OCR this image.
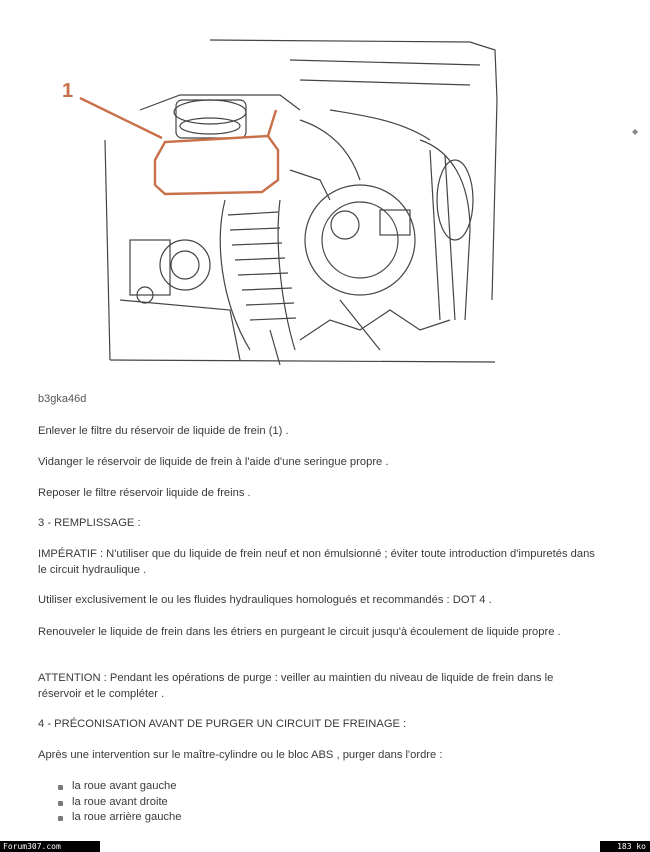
1
◆
b3gka46d
Enlever le filtre du réservoir de liquide de frein (1) .
Vidanger le réservoir de liquide de frein à l'aide d'une seringue propre .
Reposer le filtre réservoir liquide de freins .
3 - REMPLISSAGE :
IMPÉRATIF : N'utiliser que du liquide de frein neuf et non émulsionné ; éviter toute introduction d'impuretés dans le circuit hydraulique .
Utiliser exclusivement le ou les fluides hydrauliques homologués et recommandés : DOT 4 .
Renouveler le liquide de frein dans les étriers en purgeant le circuit jusqu'à écoulement de liquide propre .
ATTENTION : Pendant les opérations de purge : veiller au maintien du niveau de liquide de frein dans le réservoir et le compléter .
4 - PRÉCONISATION AVANT DE PURGER UN CIRCUIT DE FREINAGE :
Après une intervention sur le maître-cylindre ou le bloc ABS , purger dans l'ordre :
la roue avant gauche
la roue avant droite
la roue arrière gauche
Forum307.com	183 ko
